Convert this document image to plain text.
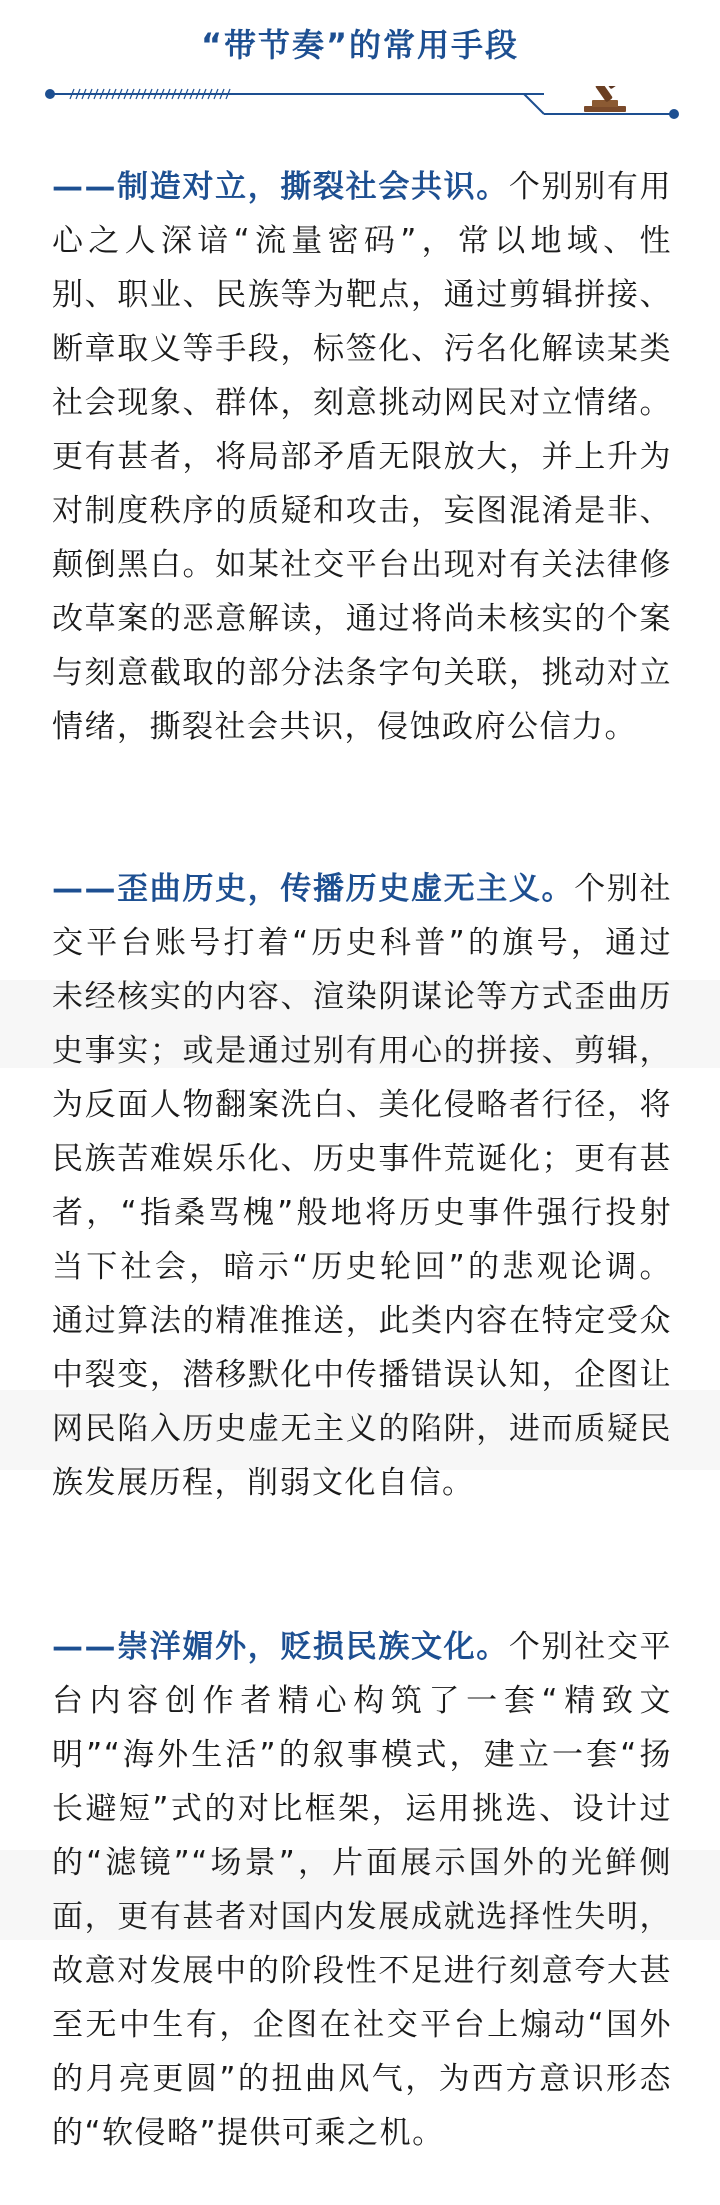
“带节奏”的常用手段
——制造对立，撕裂社会共识。个别别有用心之人深谙“流量密码”，常以地域、性别、职业、民族等为靶点，通过剪辑拼接、断章取义等手段，标签化、污名化解读某类社会现象、群体，刻意挑动网民对立情绪。更有甚者，将局部矛盾无限放大，并上升为对制度秩序的质疑和攻击，妄图混淆是非、颠倒黑白。如某社交平台出现对有关法律修改草案的恶意解读，通过将尚未核实的个案与刻意截取的部分法条字句关联，挑动对立情绪，撕裂社会共识，侵蚀政府公信力。
——歪曲历史，传播历史虚无主义。个别社交平台账号打着“历史科普”的旗号，通过未经核实的内容、渲染阴谋论等方式歪曲历史事实；或是通过别有用心的拼接、剪辑，为反面人物翻案洗白、美化侵略者行径，将民族苦难娱乐化、历史事件荒诞化；更有甚者，“指桑骂槐”般地将历史事件强行投射当下社会，暗示“历史轮回”的悲观论调。通过算法的精准推送，此类内容在特定受众中裂变，潜移默化中传播错误认知，企图让网民陷入历史虚无主义的陷阱，进而质疑民族发展历程，削弱文化自信。
——崇洋媚外，贬损民族文化。个别社交平台内容创作者精心构筑了一套“精致文明”“海外生活”的叙事模式，建立一套“扬长避短”式的对比框架，运用挑选、设计过的“滤镜”“场景”，片面展示国外的光鲜侧面，更有甚者对国内发展成就选择性失明，故意对发展中的阶段性不足进行刻意夸大甚至无中生有，企图在社交平台上煽动“国外的月亮更圆”的扭曲风气，为西方意识形态的“软侵略”提供可乘之机。
